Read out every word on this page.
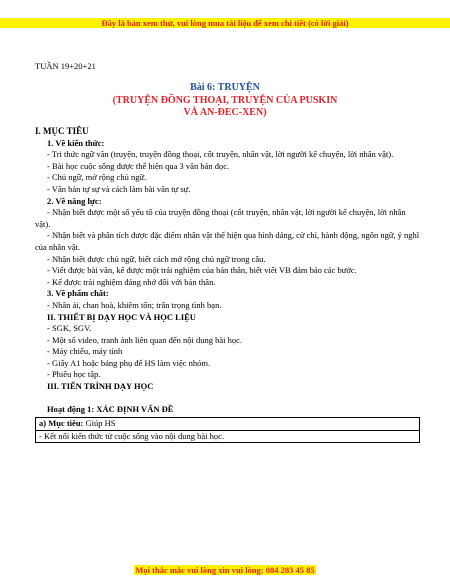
Đây là bản xem thử, vui lòng mua tài liệu để xem chi tiết (có lời giải)
TUẦN 19+20+21
Bài 6: TRUYỆN
(TRUYỆN ĐỒNG THOẠI, TRUYỆN CỦA PUSKIN
VÀ AN-ĐEC-XEN)

I. MỤC TIÊU

1. Về kiến thức:

- Tri thức ngữ văn (truyện, truyện đồng thoại, cốt truyện, nhân vật, lời người kể chuyện, lời nhân vật).

- Bài học cuộc sống được thể hiện qua 3 văn bản đọc.

- Chủ ngữ, mở rộng chủ ngữ.

- Văn bản tự sự và cách làm bài văn tự sự.

2. Về năng lực:

- Nhận biết được một số yếu tố của truyện đồng thoại (cốt truyện, nhân vật, lời người kể chuyện, lời nhân vật).

- Nhận biết và phân tích được đặc điểm nhân vật thể hiện qua hình dáng, cử chỉ, hành động, ngôn ngữ, ý nghĩ của nhân vật.

- Nhận biết được chủ ngữ, biết cách mở rộng chủ ngữ trong câu.

- Viết được bài văn, kể được một trải nghiệm của bản thân, biết viết VB đảm bảo các bước.

- Kể được trải nghiệm đáng nhớ đối với bản thân.

3. Về phẩm chất:

- Nhân ái, chan hoà, khiêm tốn; trân trọng tình bạn.

II. THIẾT BỊ DẠY HỌC VÀ HỌC LIỆU

- SGK, SGV.

- Một số video, tranh ảnh liên quan đến nội dung bài học.

- Máy chiếu, máy tính

- Giấy A1 hoặc bảng phụ để HS làm việc nhóm.

- Phiếu học tập.

III. TIẾN TRÌNH DẠY HỌC

Hoạt động 1: XÁC ĐỊNH VẤN ĐỀ

a) Mục tiêu: Giúp HS
- Kết nối kiến thức từ cuộc sống vào nội dung bài học.
Mọi thắc mắc vui lòng xin vui lòng: 084 283 45 85
